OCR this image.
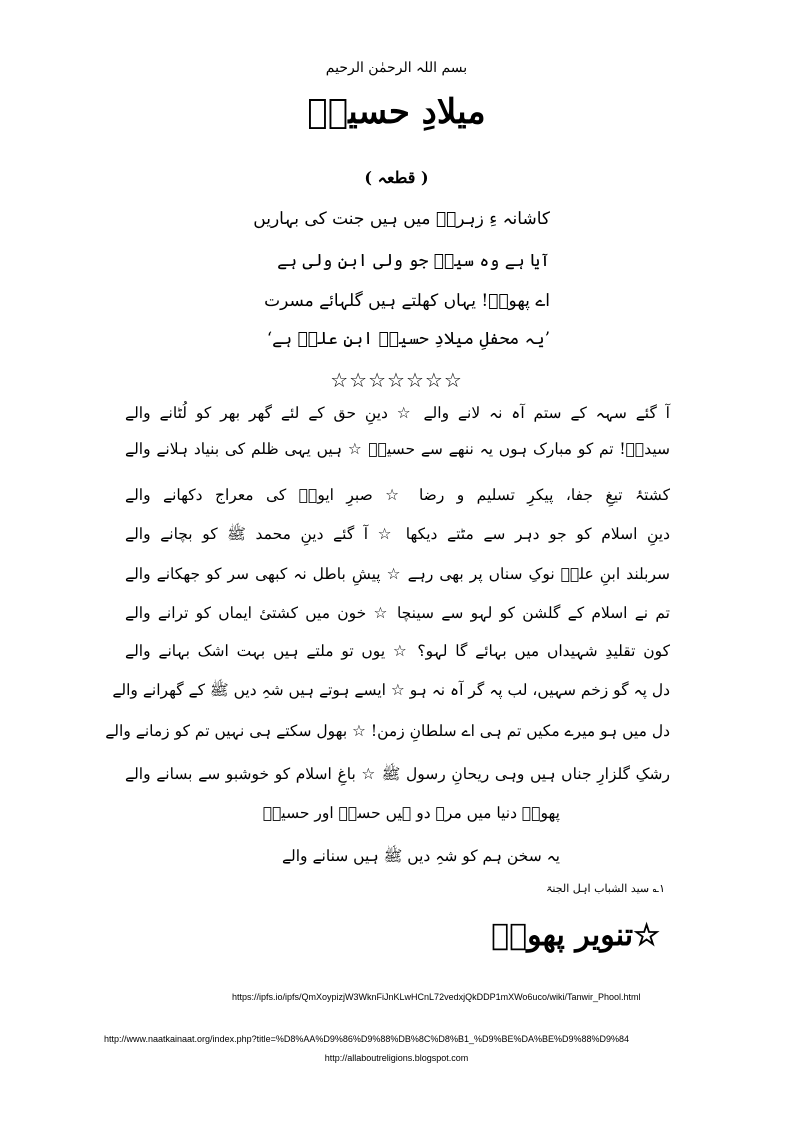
بسم اللہ الرحمٰن الرحیم
میلادِ حسینؓ
( قطعہ )
کاشانہ ءِ زہراؓ میں ہیں جنت کی بہاریں
آیا ہے وہ سیدؔ جو ولی ابنِ ولی ہے
اے پھولؔ! یہاں کھلتے ہیں گلہائے مسرت
’یہ محفلِ میلادِ حسینؓ ابنِ علیؓ ہے‘
☆☆☆☆☆☆☆
آ گئے سہہ کے ستم آہ نہ لانے والے ☆ دینِ حق کے لئے گھر بھر کو لُٹانے والے
سیدہؓ! تم کو مبارک ہوں یہ ننھے سے حسینؓ ☆ ہیں یہی ظلم کی بنیاد ہلانے والے
کشتۂ تیغِ جفا، پیکرِ تسلیم و رضا ☆ صبرِ ایوبؑ کی معراج دکھانے والے
دینِ اسلام کو جو دہر سے مٹتے دیکھا ☆ آ گئے دینِ محمد ﷺ کو بچانے والے
سربلند ابنِ علیؓ نوکِ سناں پر بھی رہے ☆ پیشِ باطل نہ کبھی سر کو جھکانے والے
تم نے اسلام کے گلشن کو لہو سے سینچا ☆ خون میں کشتیٔ ایماں کو ترانے والے
کون تقلیدِ شہیداں میں بہائے گا لہو؟ ☆ یوں تو ملتے ہیں بہت اشک بہانے والے
دل پہ گو زخم سہیں، لب پہ گر آہ نہ ہو ☆ ایسے ہوتے ہیں شہِ دیں ﷺ کے گھرانے والے
دل میں ہو میرے مکیں تم ہی اے سلطانِ زمن! ☆ بھول سکتے ہی نہیں تم کو زمانے والے
رشکِ گلزارِ جناں ہیں وہی ریحانِ رسول ﷺ ☆ باغِ اسلام کو خوشبو سے بسانے والے
پھولؔ دنیا میں مرے دو ہیں حسنؓ اور حسینؓ
یہ سخن ہم کو شہِ دیں ﷺ ہیں سنانے والے
۱؎ سید الشباب اہل الجنۃ
☆تنویر پھولؔ
https://ipfs.io/ipfs/QmXoypizjW3WknFiJnKLwHCnL72vedxjQkDDP1mXWo6uco/wiki/Tanwir_Phool.html
http://www.naatkainaat.org/index.php?title=%D8%AA%D9%86%D9%88%DB%8C%D8%B1_%D9%BE%DA%BE%D9%88%D9%84
http://allaboutreligions.blogspot.com
